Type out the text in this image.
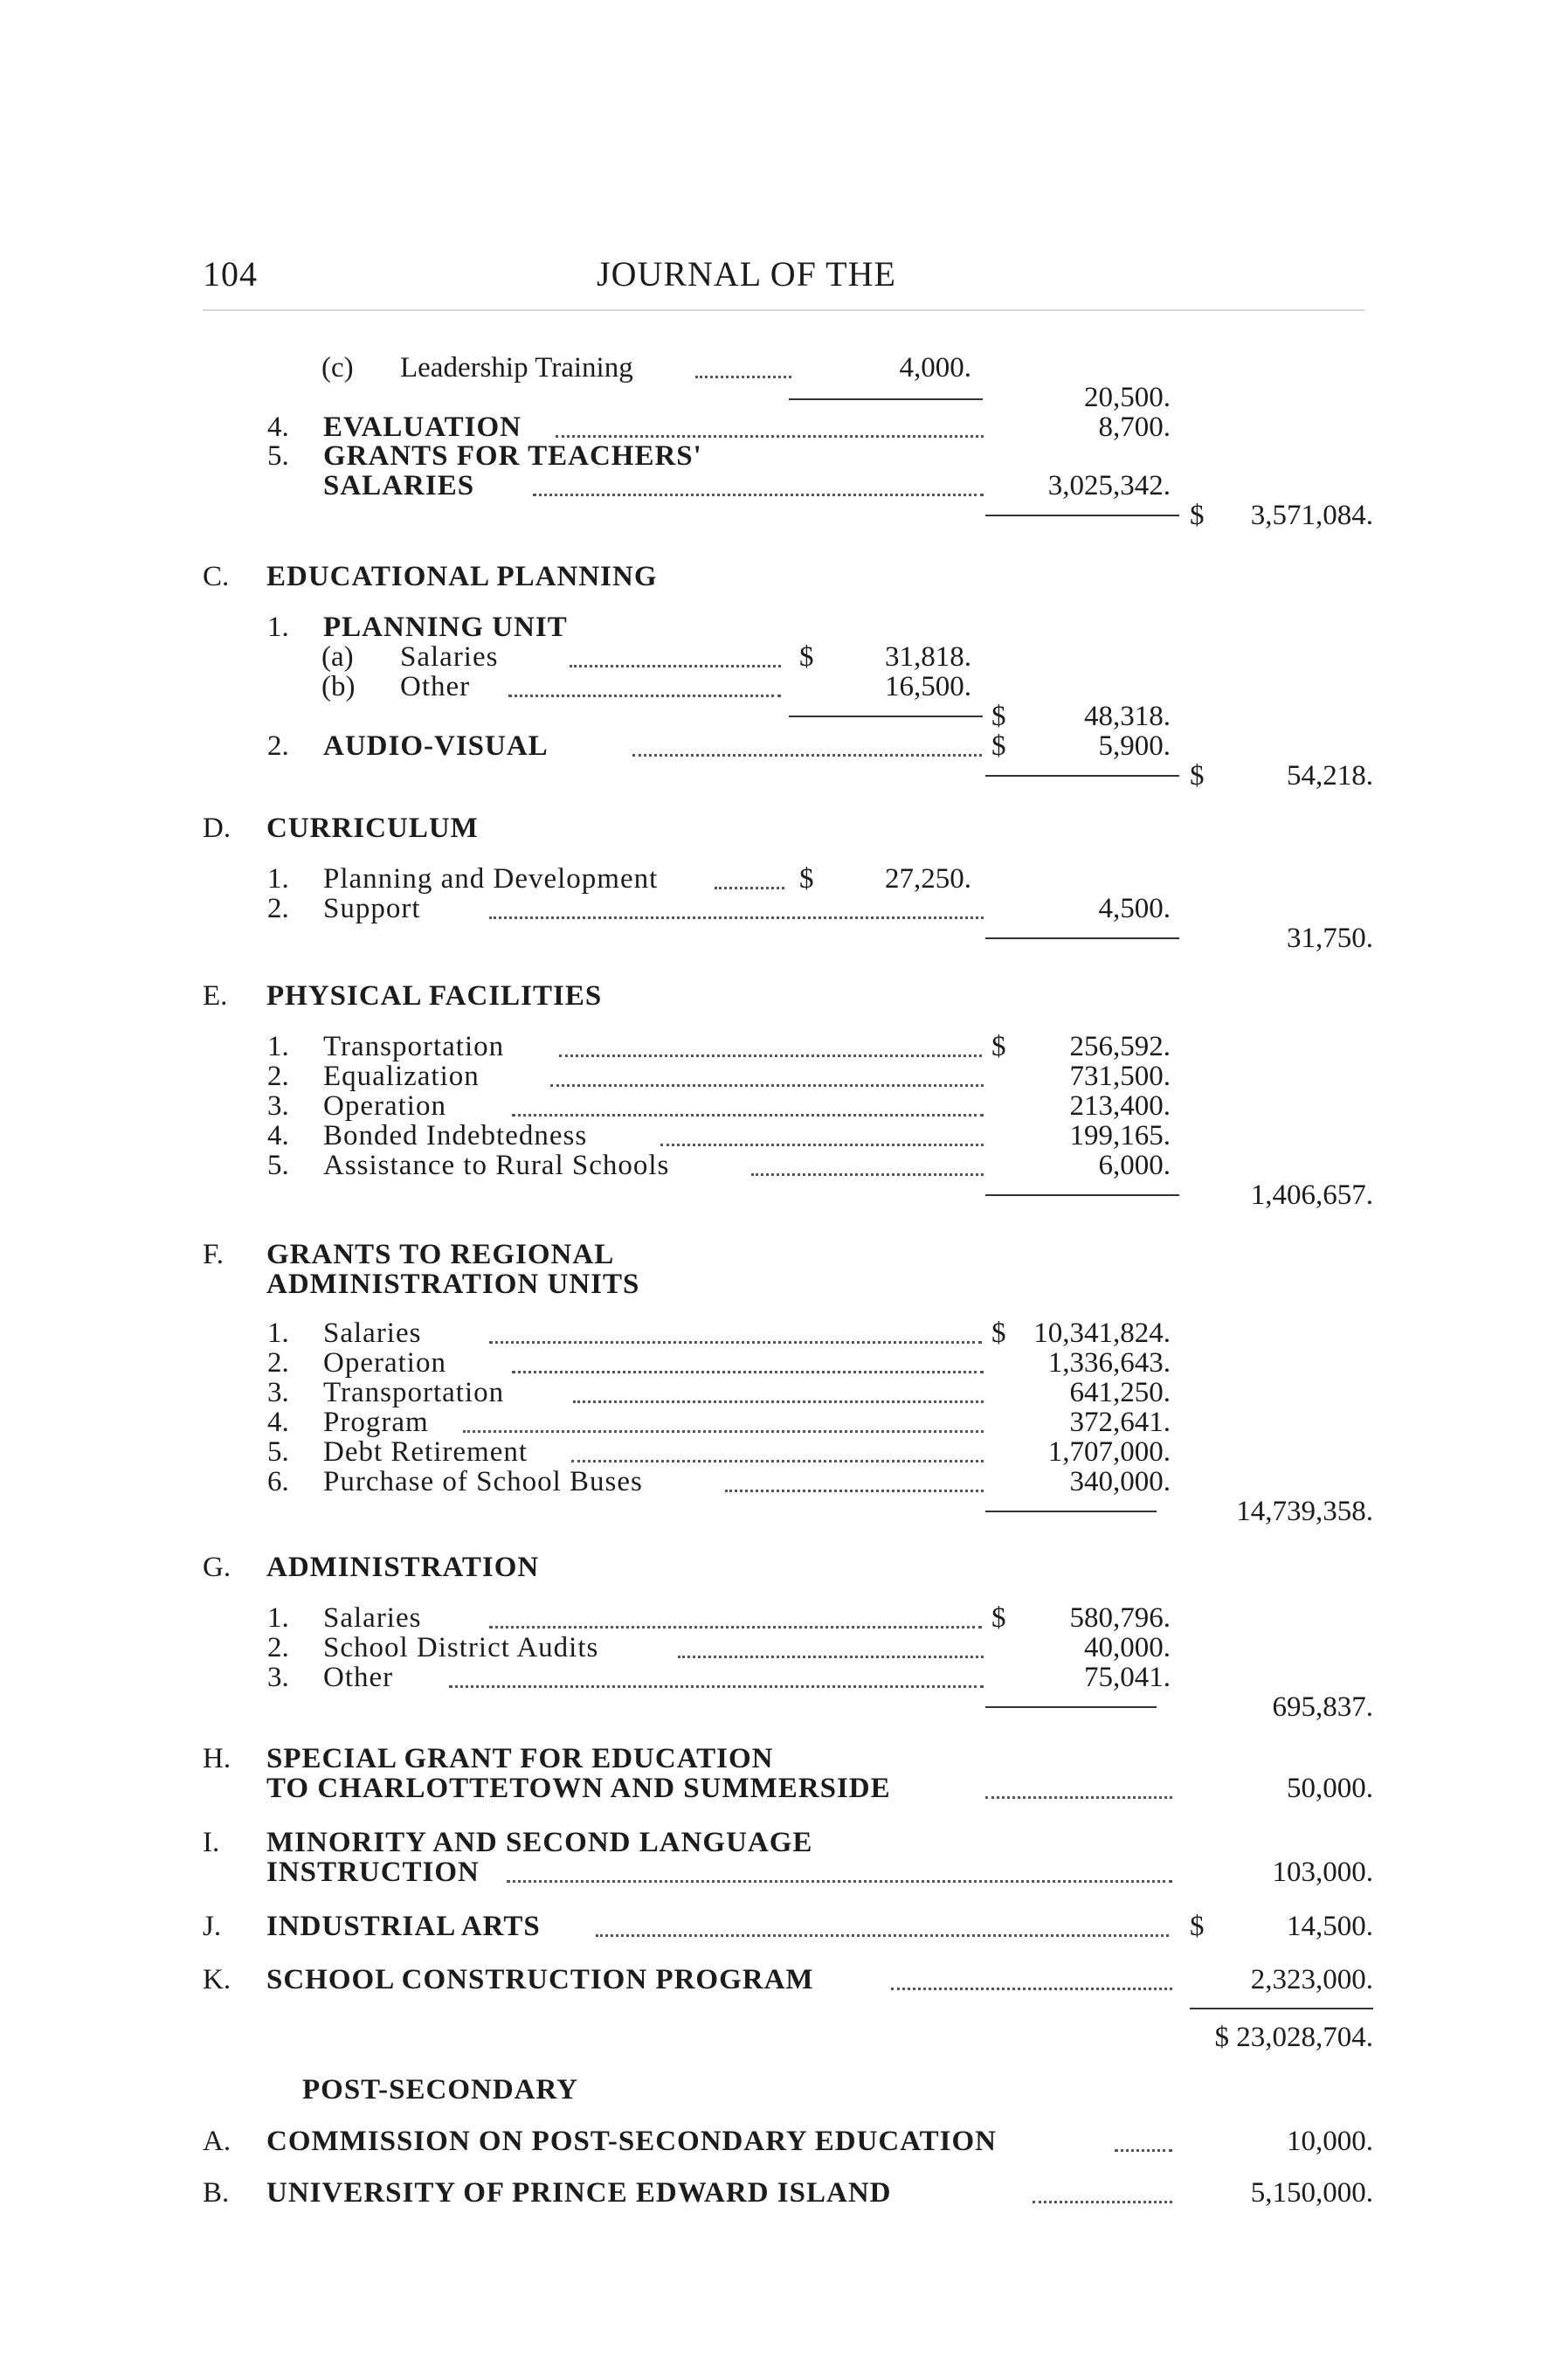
104	JOURNAL OF THE
(c) Leadership Training	4,000.
20,500.
4. EVALUATION	8,700.
5. GRANTS FOR TEACHERS'
SALARIES	3,025,342.
$ 3,571,084.
C. EDUCATIONAL PLANNING
1. PLANNING UNIT
(a) Salaries	$ 31,818.
(b) Other	16,500.
$	48,318.
2. AUDIO-VISUAL	$	5,900.
$	54,218.
D. CURRICULUM
1. Planning and Development	$ 27,250.
2. Support	4,500.
31,750.
E. PHYSICAL FACILITIES
1. Transportation	$ 256,592.
2. Equalization	731,500.
3. Operation	213,400.
4. Bonded Indebtedness	199,165.
5. Assistance to Rural Schools	6,000.
1,406,657.
F. GRANTS TO REGIONAL
ADMINISTRATION UNITS
1. Salaries	$ 10,341,824.
2. Operation	1,336,643.
3. Transportation	641,250.
4. Program	372,641.
5. Debt Retirement	1,707,000.
6. Purchase of School Buses	340,000.
14,739,358.
G. ADMINISTRATION
1. Salaries	$ 580,796.
2. School District Audits	40,000.
3. Other	75,041.
695,837.
H. SPECIAL GRANT FOR EDUCATION
TO CHARLOTTETOWN AND SUMMERSIDE	50,000.
I. MINORITY AND SECOND LANGUAGE
INSTRUCTION	103,000.
J. INDUSTRIAL ARTS	$	14,500.
K. SCHOOL CONSTRUCTION PROGRAM	2,323,000.
$ 23,028,704.
POST-SECONDARY
A. COMMISSION ON POST-SECONDARY EDUCATION	10,000.
B. UNIVERSITY OF PRINCE EDWARD ISLAND	5,150,000.
